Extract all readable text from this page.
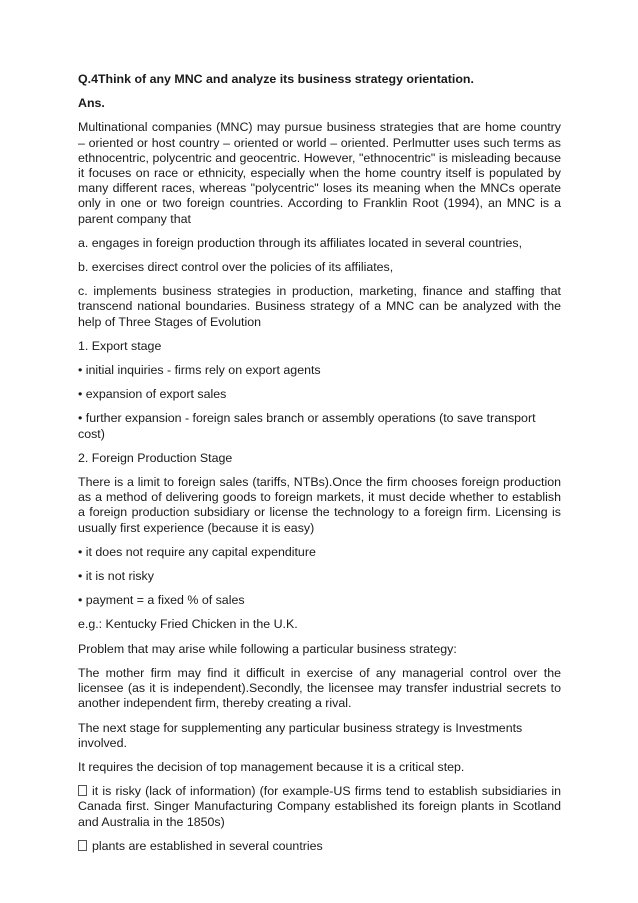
Q.4Think of any MNC and analyze its business strategy orientation.

Ans.

Multinational companies (MNC) may pursue business strategies that are home country – oriented or host country – oriented or world – oriented. Perlmutter uses such terms as ethnocentric, polycentric and geocentric. However, "ethnocentric" is misleading because it focuses on race or ethnicity, especially when the home country itself is populated by many different races, whereas "polycentric" loses its meaning when the MNCs operate only in one or two foreign countries. According to Franklin Root (1994), an MNC is a parent company that

a. engages in foreign production through its affiliates located in several countries,

b. exercises direct control over the policies of its affiliates,

c. implements business strategies in production, marketing, finance and staffing that transcend national boundaries. Business strategy of a MNC can be analyzed with the help of Three Stages of Evolution

1. Export stage

• initial inquiries - firms rely on export agents

• expansion of export sales

• further expansion - foreign sales branch or assembly operations (to save transport cost)

2. Foreign Production Stage

There is a limit to foreign sales (tariffs, NTBs).Once the firm chooses foreign production as a method of delivering goods to foreign markets, it must decide whether to establish a foreign production subsidiary or license the technology to a foreign firm. Licensing is usually first experience (because it is easy)

• it does not require any capital expenditure

• it is not risky

• payment = a fixed % of sales

e.g.: Kentucky Fried Chicken in the U.K.

Problem that may arise while following a particular business strategy:

The mother firm may find it difficult in exercise of any managerial control over the licensee (as it is independent).Secondly, the licensee may transfer industrial secrets to another independent firm, thereby creating a rival.

The next stage for supplementing any particular business strategy is Investments involved.

It requires the decision of top management because it is a critical step.

it is risky (lack of information) (for example-US firms tend to establish subsidiaries in Canada first. Singer Manufacturing Company established its foreign plants in Scotland and Australia in the 1850s)

plants are established in several countries
